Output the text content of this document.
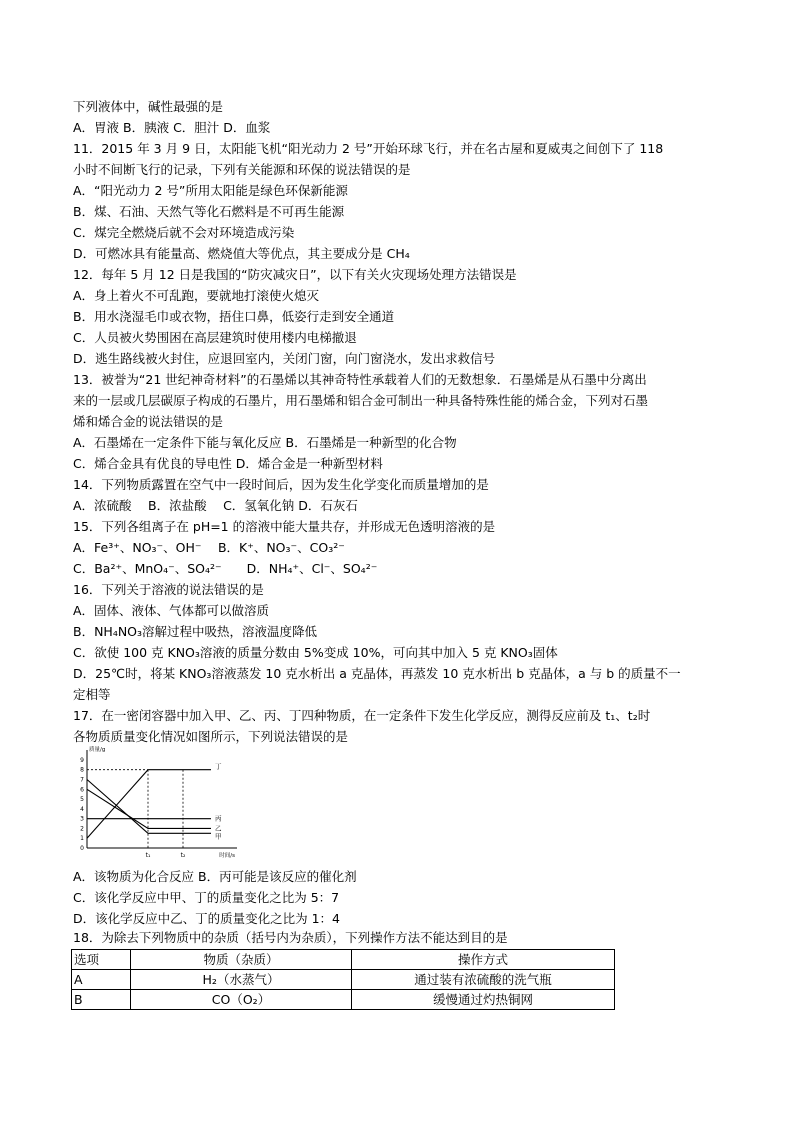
下列液体中，碱性最强的是
A．胃液 B．胰液 C．胆汁 D．血浆
11．2015 年 3 月 9 日，太阳能飞机“阳光动力 2 号”开始环球飞行，并在名古屋和夏威夷之间创下了 118
小时不间断飞行的记录，下列有关能源和环保的说法错误的是
A．“阳光动力 2 号”所用太阳能是绿色环保新能源
B．煤、石油、天然气等化石燃料是不可再生能源
C．煤完全燃烧后就不会对环境造成污染
D．可燃冰具有能量高、燃烧值大等优点，其主要成分是 CH₄
12．每年 5 月 12 日是我国的“防灾减灾日”，以下有关火灾现场处理方法错误是
A．身上着火不可乱跑，要就地打滚使火熄灭
B．用水浇湿毛巾或衣物，捂住口鼻，低姿行走到安全通道
C．人员被火势围困在高层建筑时使用楼内电梯撤退
D．逃生路线被火封住，应退回室内，关闭门窗，向门窗浇水，发出求救信号
13．被誉为“21 世纪神奇材料”的石墨烯以其神奇特性承载着人们的无数想象．石墨烯是从石墨中分离出
来的一层或几层碳原子构成的石墨片，用石墨烯和铝合金可制出一种具备特殊性能的烯合金，下列对石墨
烯和烯合金的说法错误的是
A．石墨烯在一定条件下能与氧化反应 B．石墨烯是一种新型的化合物
C．烯合金具有优良的导电性 D．烯合金是一种新型材料
14．下列物质露置在空气中一段时间后，因为发生化学变化而质量增加的是
A．浓硫酸　 B．浓盐酸　 C．氢氧化钠 D．石灰石
15．下列各组离子在 pH=1 的溶液中能大量共存，并形成无色透明溶液的是
A．Fe³⁺、NO₃⁻、OH⁻　 B．K⁺、NO₃⁻、CO₃²⁻
C．Ba²⁺、MnO₄⁻、SO₄²⁻　　D．NH₄⁺、Cl⁻、SO₄²⁻
16．下列关于溶液的说法错误的是
A．固体、液体、气体都可以做溶质
B．NH₄NO₃溶解过程中吸热，溶液温度降低
C．欲使 100 克 KNO₃溶液的质量分数由 5%变成 10%，可向其中加入 5 克 KNO₃固体
D．25℃时，将某 KNO₃溶液蒸发 10 克水析出 a 克晶体，再蒸发 10 克水析出 b 克晶体，a 与 b 的质量不一
定相等
17．在一密闭容器中加入甲、乙、丙、丁四种物质，在一定条件下发生化学反应，测得反应前及 t₁、t₂时
各物质质量变化情况如图所示，下列说法错误的是
质量/g
时间/s
9
8
7
6
5
4
3
2
1
0
t₁	t₂
丁
丙
乙
甲
A．该物质为化合反应 B．丙可能是该反应的催化剂
C．该化学反应中甲、丁的质量变化之比为 5：7
D．该化学反应中乙、丁的质量变化之比为 1：4
18．为除去下列物质中的杂质（括号内为杂质），下列操作方法不能达到目的是
选项	物质（杂质）	操作方式
A	H₂（水蒸气）	通过装有浓硫酸的洗气瓶
B	CO（O₂）	缓慢通过灼热铜网
